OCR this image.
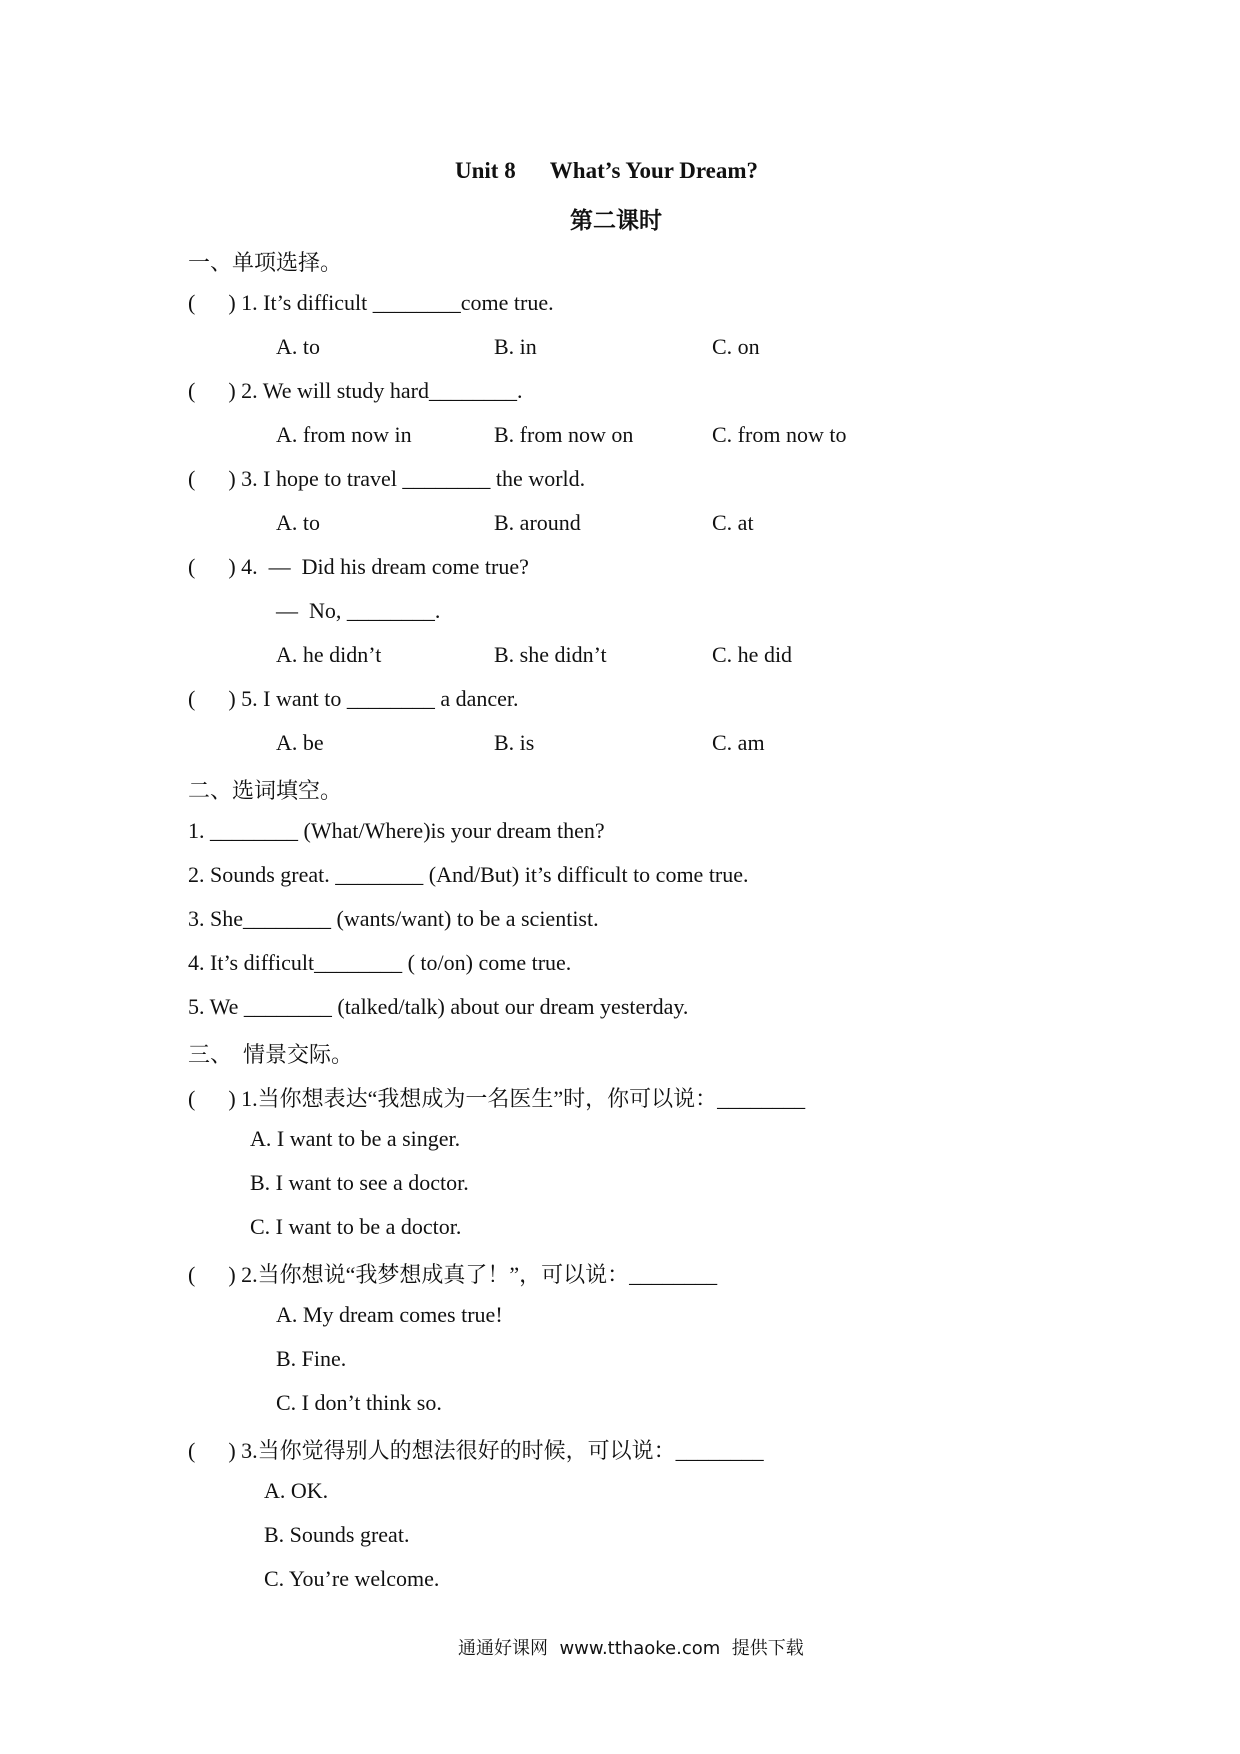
Unit 8      What’s Your Dream?
第二课时
一、单项选择。
(      ) 1. It’s difficult ________come true.
A. to	B. in	C. on
(      ) 2. We will study hard________.
A. from now in	B. from now on	C. from now to
(      ) 3. I hope to travel ________ the world.
A. to	B. around	C. at
(      ) 4.  —  Did his dream come true?
—  No, ________.
A. he didn’t	B. she didn’t	C. he did
(      ) 5. I want to ________ a dancer.
A. be	B. is	C. am
二、选词填空。
1. ________ (What/Where)is your dream then?
2. Sounds great. ________ (And/But) it’s difficult to come true.
3. She________ (wants/want) to be a scientist.
4. It’s difficult________ ( to/on) come true.
5. We ________ (talked/talk) about our dream yesterday.
三、  情景交际。
(      ) 1.当你想表达“我想成为一名医生”时，你可以说：________
A. I want to be a singer.
B. I want to see a doctor.
C. I want to be a doctor.
(      ) 2.当你想说“我梦想成真了！”，可以说：________
A. My dream comes true!
B. Fine.
C. I don’t think so.
(      ) 3.当你觉得别人的想法很好的时候，可以说：________
A. OK.
B. Sounds great.
C. You’re welcome.
通通好课网  www.tthaoke.com  提供下载
